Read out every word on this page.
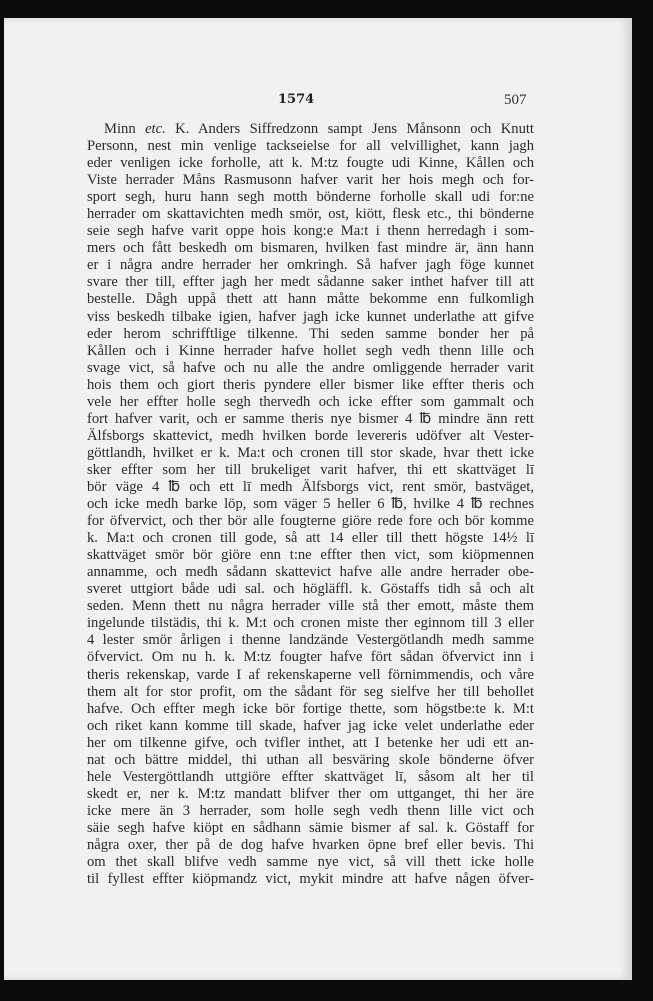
1574	507
Minn etc. K. Anders Siffredzonn sampt Jens Månsonn och Knutt
Personn, nest min venlige tackseielse for all velvillighet, kann jagh
eder venligen icke forholle, att k. M:tz fougte udi Kinne, Kållen och
Viste herrader Måns Rasmusonn hafver varit her hois megh och for-
sport segh, huru hann segh motth bönderne forholle skall udi for:ne
herrader om skattavichten medh smör, ost, kiött, flesk etc., thi bönderne
seie segh hafve varit oppe hois kong:e Ma:t i thenn herredagh i som-
mers och fått beskedh om bismaren, hvilken fast mindre är, änn hann
er i några andre herrader her omkringh. Så hafver jagh föge kunnet
svare ther till, effter jagh her medt sådanne saker inthet hafver till att
bestelle. Dågh uppå thett att hann måtte bekomme enn fulkomligh
viss beskedh tilbake igien, hafver jagh icke kunnet underlathe att gifve
eder herom schrifftlige tilkenne. Thi seden samme bonder her på
Kållen och i Kinne herrader hafve hollet segh vedh thenn lille och
svage vict, så hafve och nu alle the andre omliggende herrader varit
hois them och giort theris pyndere eller bismer like effter theris och
vele her effter holle segh thervedh och icke effter som gammalt och
fort hafver varit, och er samme theris nye bismer 4 ℔ mindre änn rett
Älfsborgs skattevict, medh hvilken borde levereris udöfver alt Vester-
göttlandh, hvilket er k. Ma:t och cronen till stor skade, hvar thett icke
sker effter som her till brukeliget varit hafver, thi ett skattväget lī
bör väge 4 ℔ och ett lī medh Älfsborgs vict, rent smör, bastväget,
och icke medh barke löp, som väger 5 heller 6 ℔, hvilke 4 ℔ rechnes
for öfvervict, och ther bör alle fougterne giöre rede fore och bör komme
k. Ma:t och cronen till gode, så att 14 eller till thett högste 14½ lī
skattväget smör bör giöre enn t:ne effter then vict, som kiöpmennen
annamme, och medh sådann skattevict hafve alle andre herrader obe-
sveret uttgiort både udi sal. och högläffl. k. Göstaffs tidh så och alt
seden. Menn thett nu några herrader ville stå ther emott, måste them
ingelunde tilstädis, thi k. M:t och cronen miste ther eginnom till 3 eller
4 lester smör årligen i thenne landzände Vestergötlandh medh samme
öfvervict. Om nu h. k. M:tz fougter hafve fört sådan öfvervict inn i
theris rekenskap, varde I af rekenskaperne vell förnimmendis, och våre
them alt for stor profit, om the sådant för seg sielfve her till behollet
hafve. Och effter megh icke bör fortige thette, som högstbe:te k. M:t
och riket kann komme till skade, hafver jag icke velet underlathe eder
her om tilkenne gifve, och tvifler inthet, att I betenke her udi ett an-
nat och bättre middel, thi uthan all besväring skole bönderne öfver
hele Vestergöttlandh uttgiöre effter skattväget lī, såsom alt her til
skedt er, ner k. M:tz mandatt blifver ther om uttganget, thi her äre
icke mere än 3 herrader, som holle segh vedh thenn lille vict och
säie segh hafve kiöpt en sådhann sämie bismer af sal. k. Göstaff for
några oxer, ther på de dog hafve hvarken öpne bref eller bevis. Thi
om thet skall blifve vedh samme nye vict, så vill thett icke holle
til fyllest effter kiöpmandz vict, mykit mindre att hafve någen öfver-
